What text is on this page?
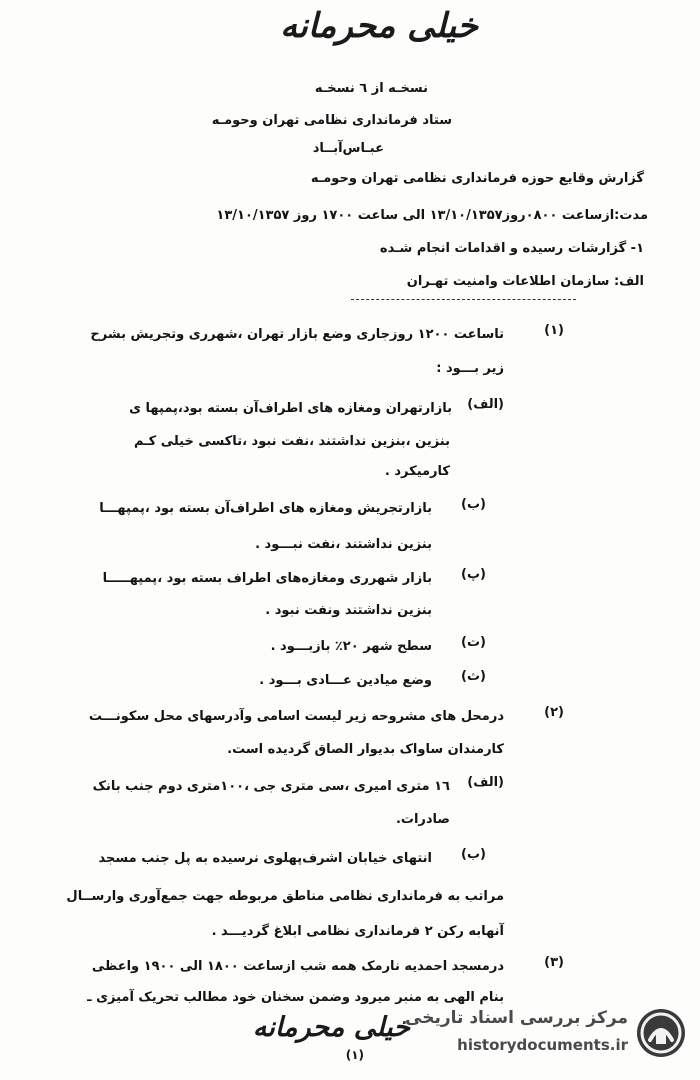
خیلی محرمانه
نسخـه از ٦ نسخـه
ستاد فرمانداری نظامی تهران وحومـه
عبـاس‌آبــاد
گزارش وقایع حوزه فرمانداری نظامی تهران وحومـه
مدت:ازساعت ۰۸۰۰روز۱۳/۱۰/۱۳۵۷ الی ساعت ۱۷۰۰ روز ۱۳/۱۰/۱۳۵۷
۱- گزارشات رسیده و اقدامات انجام شـده
الف: سازمان اطلاعات وامنیت تهـران
(۱)
تاساعت ۱۲۰۰ روزجاری وضع بازار تهران ،شهرری وتجریش بشرح
زیر بـــود :
(الف)
بازارتهران ومغازه های اطراف‌آن بسته بود،پمپها ی
بنزین ،بنزین نداشتند ،نفت نبود ،تاکسی خیلی کـم
کارمیکرد .
(ب)
بازارتجریش ومغازه های اطراف‌آن بسته بود ،پمپهـــا
بنزین نداشتند ،نفت نبـــود .
(پ)
بازار شهرری ومغازه‌های اطراف بسته بود ،پمپهـــــا
بنزین نداشتند ونفت نبود .
(ت)
سطح شهر ۲۰٪ بازبـــود .
(ث)
وضع میادین عـــادی بـــود .
(۲)
درمحل های مشروحه زیر لیست اسامی وآدرسهای محل سکونـــت
کارمندان ساواک بدیوار الصاق گردیده است.
(الف)
۱٦ متری امیری ،سی متری جی ،۱۰۰متری دوم جنب بانک
صادرات.
(ب)
انتهای خیابان اشرف‌پهلوی نرسیده به پل جنب مسجد
مراتب به فرمانداری نظامی مناطق مربوطه جهت جمع‌آوری وارســال
آنهابه رکن ۲ فرمانداری نظامی ابلاغ گردیـــد .
(۳)
درمسجد احمدیه نارمک همه شب ازساعت ۱۸۰۰ الی ۱۹۰۰ واعظی
بنام الهی به منبر میرود وضمن سخنان خود مطالب تحریک آمیزی ـ
خیلی محرمانه
(۱)
مرکز بررسی اسناد تاریخی
historydocuments.ir
